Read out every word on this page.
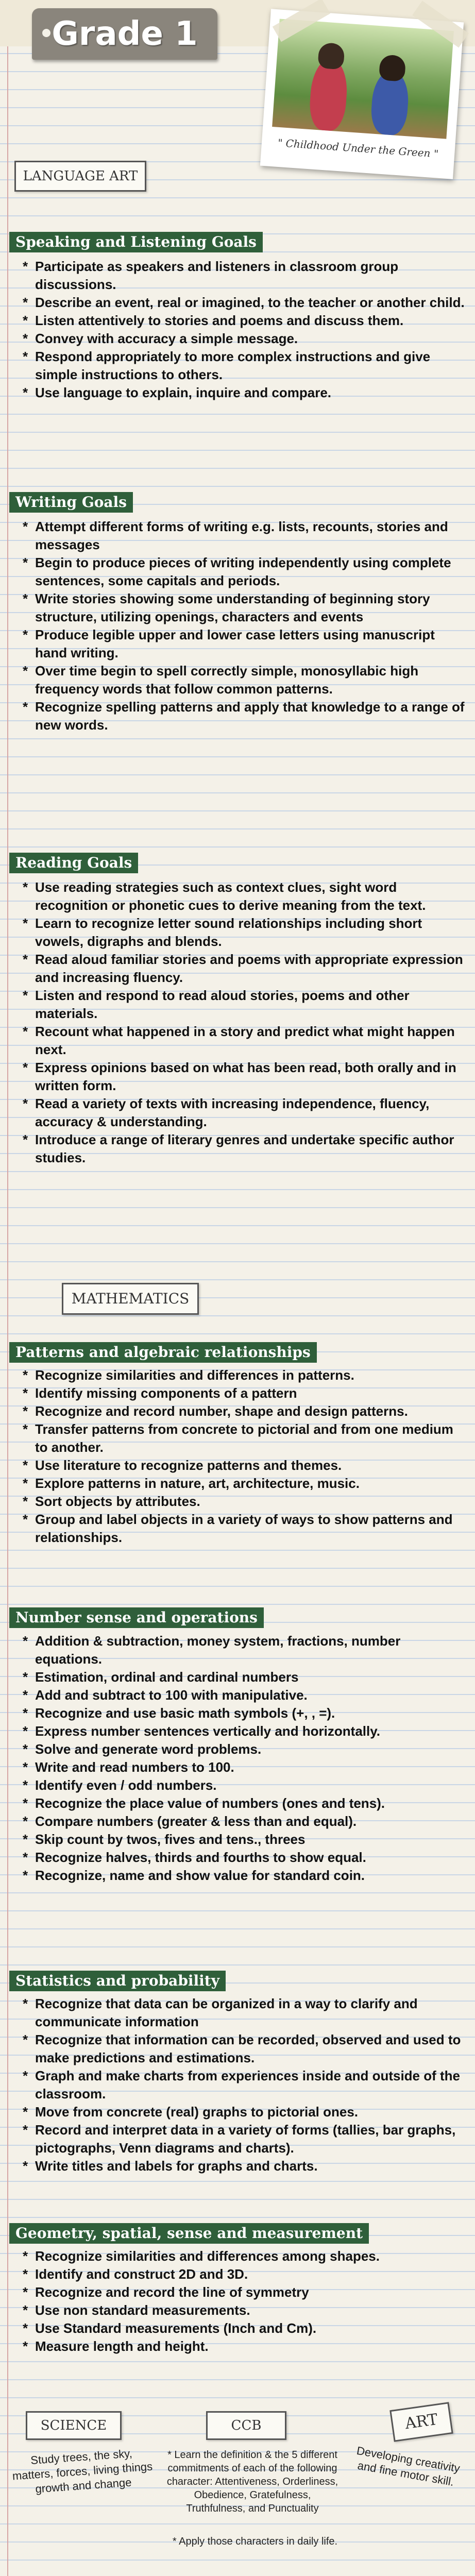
Grade 1
" Childhood Under the Green "
LANGUAGE ART
Speaking and Listening Goals
* Participate as speakers and listeners in classroom group discussions.
* Describe an event, real or imagined, to the teacher or another child.
* Listen attentively to stories and poems and discuss them.
* Convey with accuracy a simple message.
* Respond appropriately to more complex instructions and give simple instructions to others.
* Use language to explain, inquire and compare.
Writing Goals
* Attempt different forms of writing e.g. lists, recounts, stories and messages
* Begin to produce pieces of writing independently using complete sentences, some capitals and periods.
* Write stories showing some understanding of beginning story structure, utilizing openings, characters and events
* Produce legible upper and lower case letters using manuscript hand writing.
* Over time begin to spell correctly simple, monosyllabic high frequency words that follow common patterns.
* Recognize spelling patterns and apply that knowledge to a range of new words.
Reading Goals
* Use reading strategies such as context clues, sight word recognition or phonetic cues to derive meaning from the text.
* Learn to recognize letter sound relationships including short vowels, digraphs and blends.
* Read aloud familiar stories and poems with appropriate expression and increasing fluency.
* Listen and respond to read aloud stories, poems and other materials.
* Recount what happened in a story and predict what might happen next.
* Express opinions based on what has been read, both orally and in written form.
* Read a variety of texts with increasing independence, fluency, accuracy & understanding.
* Introduce a range of literary genres and undertake specific author studies.
MATHEMATICS
Patterns and algebraic relationships
* Recognize similarities and differences in patterns.
* Identify missing components of a pattern
* Recognize and record number, shape and design patterns.
* Transfer patterns from concrete to pictorial and from one medium to another.
* Use literature to recognize patterns and themes.
* Explore patterns in nature, art, architecture, music.
* Sort objects by attributes.
* Group and label objects in a variety of ways to show patterns and relationships.
Number sense and operations
* Addition & subtraction, money system, fractions, number equations.
* Estimation, ordinal and cardinal numbers
* Add and subtract to 100 with manipulative.
* Recognize and use basic math symbols (+, , =).
* Express number sentences vertically and horizontally.
* Solve and generate word problems.
* Write and read numbers to 100.
* Identify even / odd numbers.
* Recognize the place value of numbers (ones and tens).
* Compare numbers (greater & less than and equal).
* Skip count by twos, fives and tens., threes
* Recognize halves, thirds and fourths to show equal.
* Recognize, name and show value for standard coin.
Statistics and probability
* Recognize that data can be organized in a way to clarify and communicate information
* Recognize that information can be recorded, observed and used to make predictions and estimations.
* Graph and make charts from experiences inside and outside of the classroom.
* Move from concrete (real) graphs to pictorial ones.
* Record and interpret data in a variety of forms (tallies, bar graphs, pictographs, Venn diagrams and charts).
* Write titles and labels for graphs and charts.
Geometry, spatial, sense and measurement
* Recognize similarities and differences among shapes.
* Identify and construct 2D and 3D.
* Recognize and record the line of symmetry
* Use non standard measurements.
* Use Standard measurements (Inch and Cm).
* Measure length and height.
SCIENCE
Study trees, the sky, matters, forces, living things growth and change
CCB
* Learn the definition & the 5 different commitments of each of the following character: Attentiveness, Orderliness, Obedience, Gratefulness, Truthfulness, and Punctuality
* Apply those characters in daily life.
ART
Developing creativity and fine motor skill.
